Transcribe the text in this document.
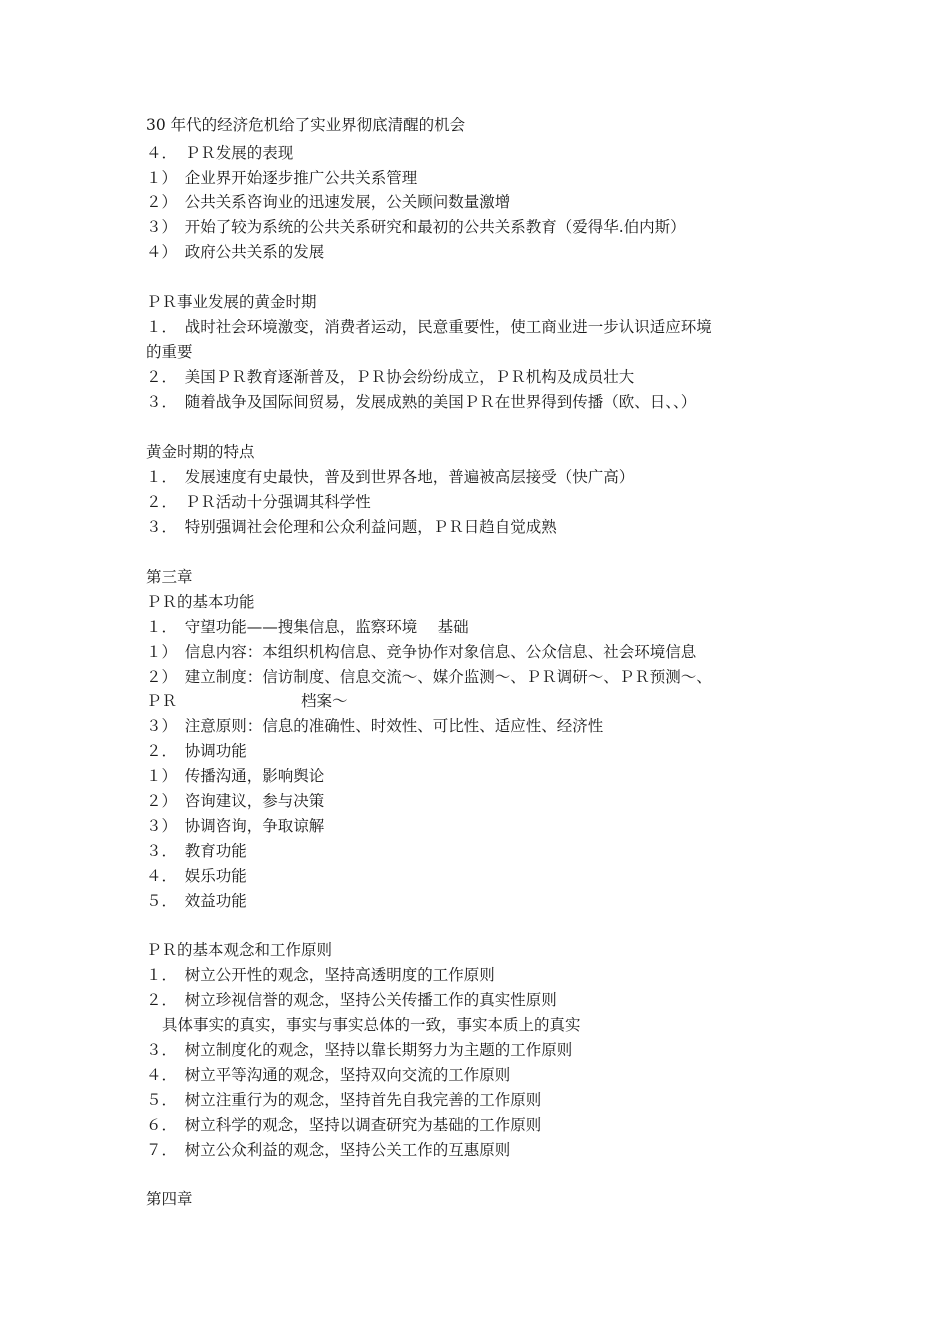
30 年代的经济危机给了实业界彻底清醒的机会
４．　ＰＲ发展的表现
１）　企业界开始逐步推广公共关系管理
２）　公共关系咨询业的迅速发展，公关顾问数量激增
３）　开始了较为系统的公共关系研究和最初的公共关系教育（爱得华.伯内斯）
４）　政府公共关系的发展
ＰＲ事业发展的黄金时期
１．　战时社会环境激变，消费者运动，民意重要性，使工商业进一步认识适应环境
的重要
２．　美国ＰＲ教育逐渐普及，ＰＲ协会纷纷成立，ＰＲ机构及成员壮大
３．　随着战争及国际间贸易，发展成熟的美国ＰＲ在世界得到传播（欧、日、、）
黄金时期的特点
１．　发展速度有史最快，普及到世界各地，普遍被高层接受（快广高）
２．　ＰＲ活动十分强调其科学性
３．　特别强调社会伦理和公众利益问题，ＰＲ日趋自觉成熟
第三章
ＰＲ的基本功能
１．　守望功能——搜集信息，监察环境　 基础
１）　信息内容：本组织机构信息、竞争协作对象信息、公众信息、社会环境信息
２）　建立制度：信访制度、信息交流～、媒介监测～、ＰＲ调研～、ＰＲ预测～、
ＰＲ　　　　　　　　档案～
３）　注意原则：信息的准确性、时效性、可比性、适应性、经济性
２．　协调功能
１）　传播沟通，影响舆论
２）　咨询建议，参与决策
３）　协调咨询，争取谅解
３．　教育功能
４．　娱乐功能
５．　效益功能
ＰＲ的基本观念和工作原则
１．　树立公开性的观念，坚持高透明度的工作原则
２．　树立珍视信誉的观念，坚持公关传播工作的真实性原则
具体事实的真实，事实与事实总体的一致，事实本质上的真实
３．　树立制度化的观念，坚持以靠长期努力为主题的工作原则
４．　树立平等沟通的观念，坚持双向交流的工作原则
５．　树立注重行为的观念，坚持首先自我完善的工作原则
６．　树立科学的观念，坚持以调查研究为基础的工作原则
７．　树立公众利益的观念，坚持公关工作的互惠原则
第四章
